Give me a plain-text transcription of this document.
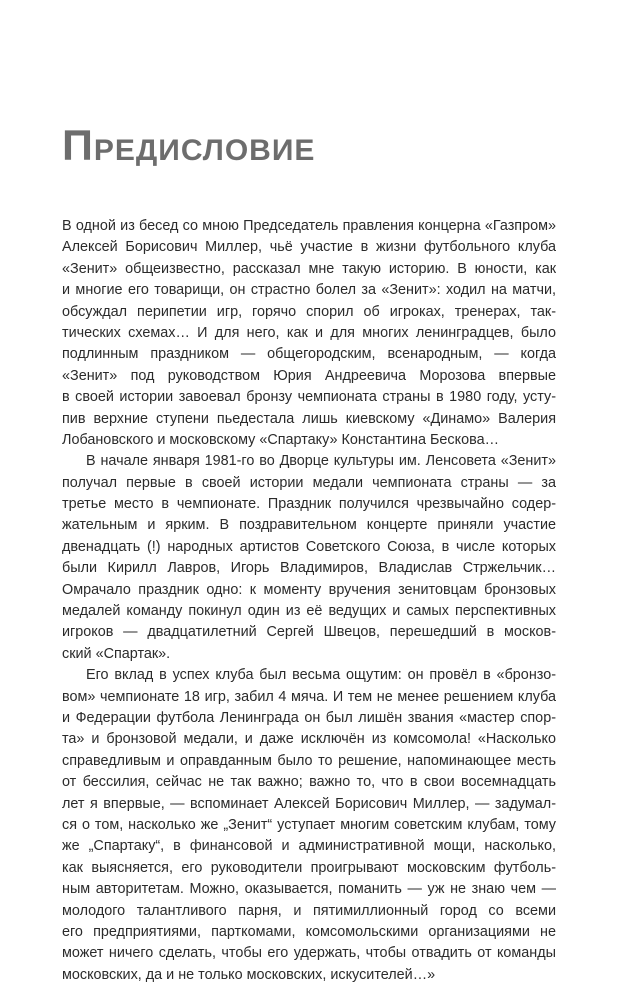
Предисловие
В одной из бесед со мною Председатель правления концерна «Газпром»
Алексей Борисович Миллер, чьё участие в жизни футбольного клуба
«Зенит» общеизвестно, рассказал мне такую историю. В юности, как
и многие его товарищи, он страстно болел за «Зенит»: ходил на матчи,
обсуждал перипетии игр, горячо спорил об игроках, тренерах, так-
тических схемах… И для него, как и для многих ленинградцев, было
подлинным праздником — общегородским, всенародным, — когда
«Зенит» под руководством Юрия Андреевича Морозова впервые
в своей истории завоевал бронзу чемпионата страны в 1980 году, усту-
пив верхние ступени пьедестала лишь киевскому «Динамо» Валерия
Лобановского и московскому «Спартаку» Константина Бескова…
В начале января 1981-го во Дворце культуры им. Ленсовета «Зенит»
получал первые в своей истории медали чемпионата страны — за
третье место в чемпионате. Праздник получился чрезвычайно содер-
жательным и ярким. В поздравительном концерте приняли участие
двенадцать (!) народных артистов Советского Союза, в числе которых
были Кирилл Лавров, Игорь Владимиров, Владислав Стржельчик…
Омрачало праздник одно: к моменту вручения зенитовцам бронзовых
медалей команду покинул один из её ведущих и самых перспективных
игроков — двадцатилетний Сергей Швецов, перешедший в москов-
ский «Спартак».
Его вклад в успех клуба был весьма ощутим: он провёл в «бронзо-
вом» чемпионате 18 игр, забил 4 мяча. И тем не менее решением клуба
и Федерации футбола Ленинграда он был лишён звания «мастер спор-
та» и бронзовой медали, и даже исключён из комсомола! «Насколько
справедливым и оправданным было то решение, напоминающее месть
от бессилия, сейчас не так важно; важно то, что в свои восемнадцать
лет я впервые, — вспоминает Алексей Борисович Миллер, — задумал-
ся о том, насколько же „Зенит“ уступает многим советским клубам, тому
же „Спартаку“, в финансовой и административной мощи, насколько,
как выясняется, его руководители проигрывают московским футболь-
ным авторитетам. Можно, оказывается, поманить — уж не знаю чем —
молодого талантливого парня, и пятимиллионный город со всеми
его предприятиями, парткомами, комсомольскими организациями не
может ничего сделать, чтобы его удержать, чтобы отвадить от команды
московских, да и не только московских, искусителей…»
